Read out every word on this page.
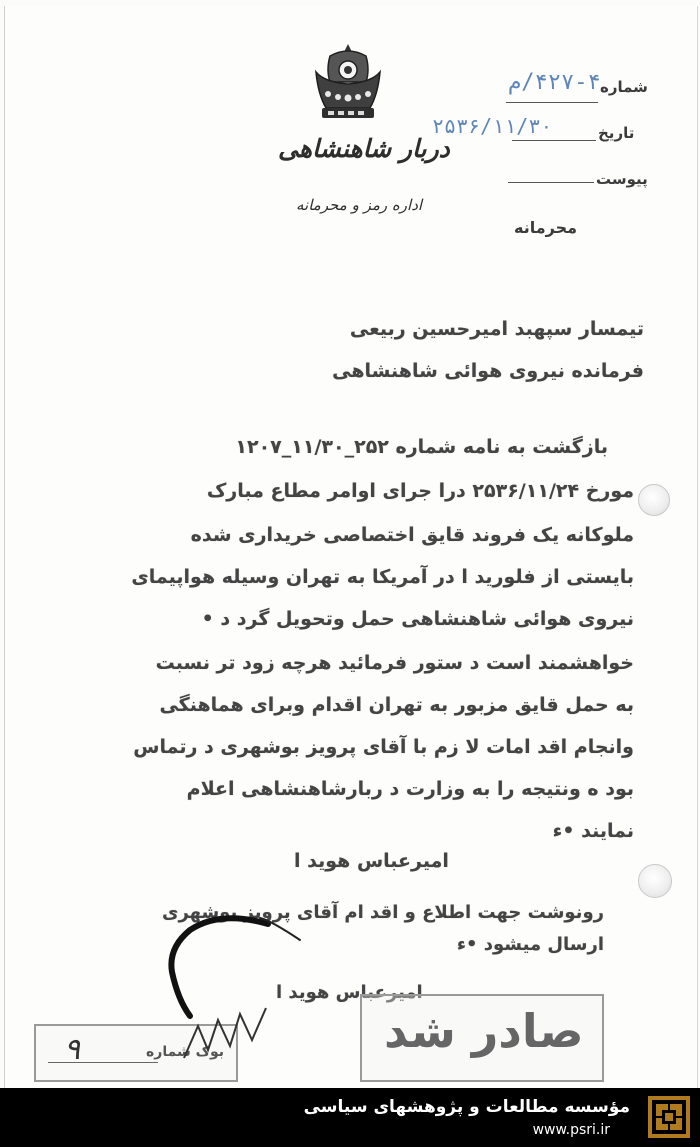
دربار شاهنشاهی
اداره رمز و محرمانه
شماره
۴۲۷-۴/م
تاریخ
۲۵۳۶/۱۱/۳۰
پیوست
محرمانه
تیمسار سپهبد امیرحسین ربیعی
فرمانده نیروی هوائی شاهنشاهی
بازگشت به نامه شماره ۲۵۲_۱۱/۳۰_۱۲۰۷
مورخ ۲۵۳۶/۱۱/۲۴ درا جرای اوامر مطاع مبارک
ملوکانه یک فروند قایق اختصاصی خریداری شده
بایستی از فلورید ا در آمریکا به تهران وسیله هواپیمای
نیروی هوائی شاهنشاهی حمل وتحویل گرد د •
خواهشمند است د ستور فرمائید هرچه زود تر نسبت
به حمل قایق مزبور به تهران اقدام وبرای هماهنگی
وانجام اقد امات لا زم با آقای پرویز بوشهری د رتماس
بود ه ونتیجه را به وزارت د ربارشاهنشاهی اعلام
نمایند •ء
امیرعباس هوید ا
رونوشت جهت اطلاع و اقد ام آقای پرویز بوشهری
ارسال میشود •ء
امیرعباس هوید ا
بوک شماره
۹	صادر شد
مؤسسه مطالعات و پژوهشهای سیاسی
www.psri.ir
